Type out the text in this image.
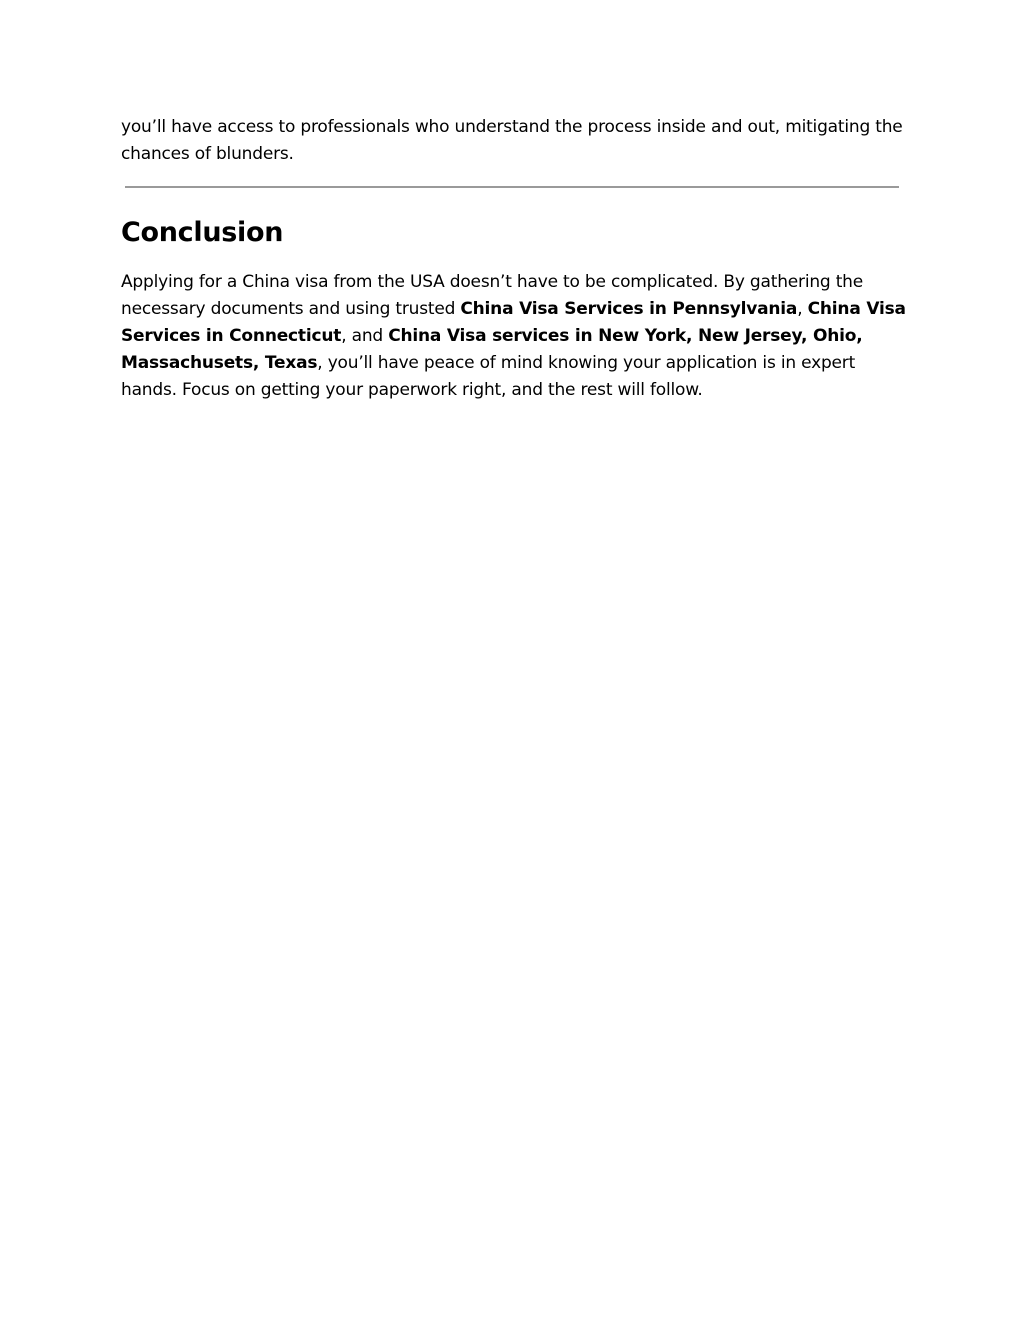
you’ll have access to professionals who understand the process inside and out, mitigating the chances of blunders.

Conclusion

Applying for a China visa from the USA doesn’t have to be complicated. By gathering the necessary documents and using trusted China Visa Services in Pennsylvania, China Visa Services in Connecticut, and China Visa services in New York, New Jersey, Ohio, Massachusets, Texas, you’ll have peace of mind knowing your application is in expert hands. Focus on getting your paperwork right, and the rest will follow.
